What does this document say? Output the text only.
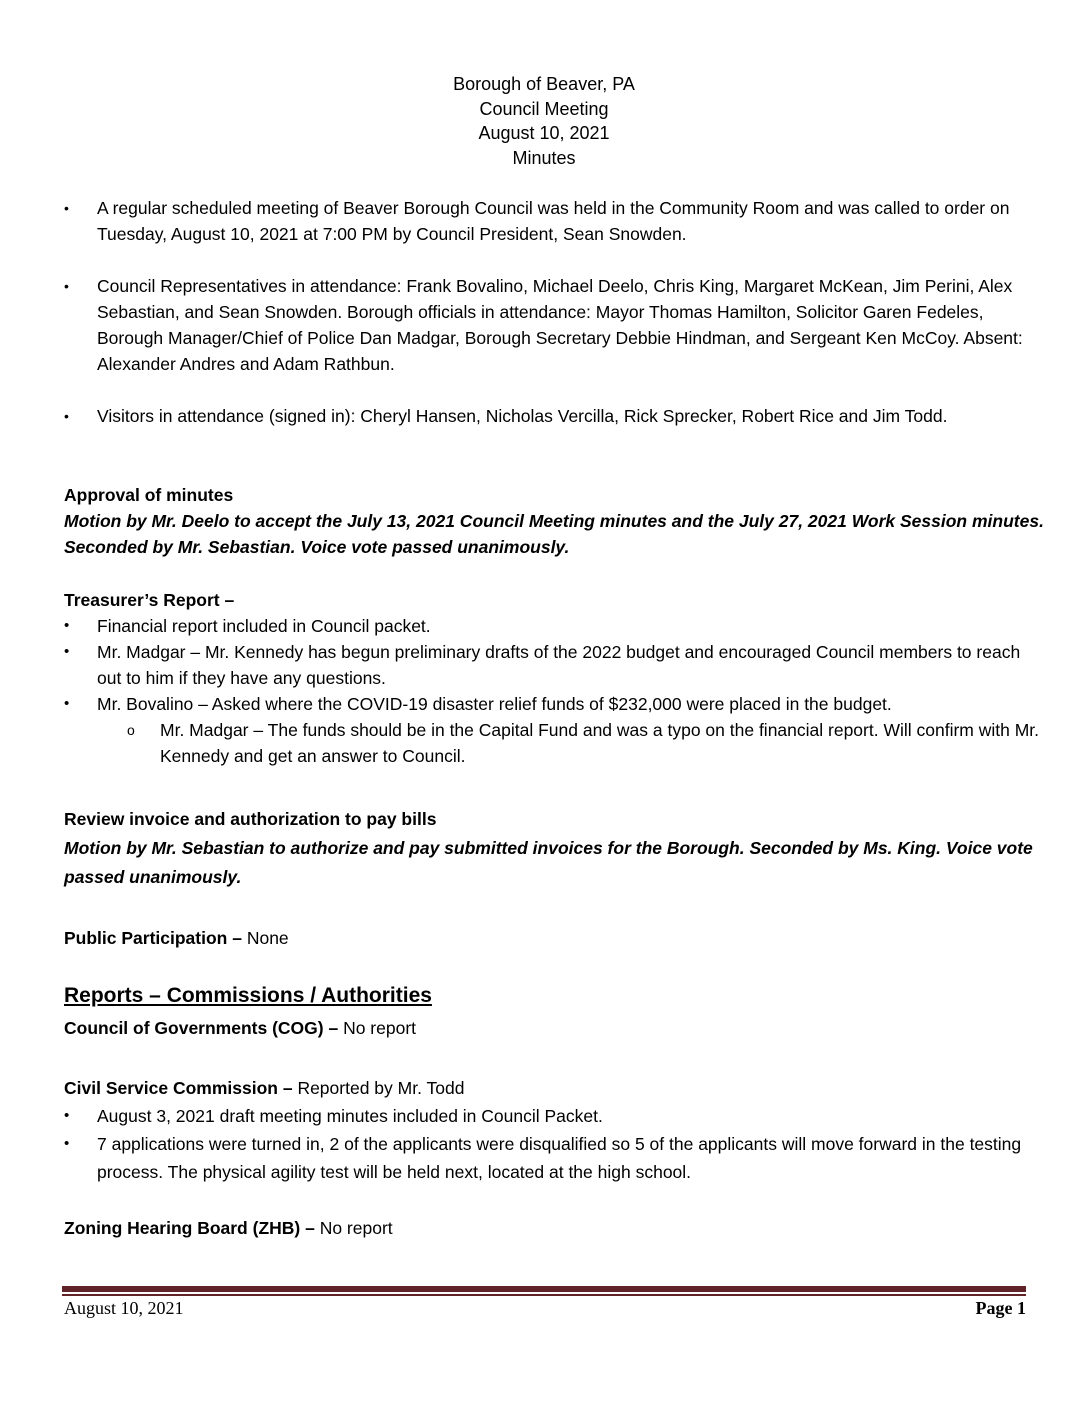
Borough of Beaver, PA
Council Meeting
August 10, 2021
Minutes
• A regular scheduled meeting of Beaver Borough Council was held in the Community Room and was called to order on Tuesday, August 10, 2021 at 7:00 PM by Council President, Sean Snowden.
• Council Representatives in attendance: Frank Bovalino, Michael Deelo, Chris King, Margaret McKean, Jim Perini, Alex Sebastian, and Sean Snowden. Borough officials in attendance: Mayor Thomas Hamilton, Solicitor Garen Fedeles, Borough Manager/Chief of Police Dan Madgar, Borough Secretary Debbie Hindman, and Sergeant Ken McCoy. Absent: Alexander Andres and Adam Rathbun.
• Visitors in attendance (signed in): Cheryl Hansen, Nicholas Vercilla, Rick Sprecker, Robert Rice and Jim Todd.
Approval of minutes
Motion by Mr. Deelo to accept the July 13, 2021 Council Meeting minutes and the July 27, 2021 Work Session minutes. Seconded by Mr. Sebastian. Voice vote passed unanimously.
Treasurer’s Report –
• Financial report included in Council packet.
• Mr. Madgar – Mr. Kennedy has begun preliminary drafts of the 2022 budget and encouraged Council members to reach out to him if they have any questions.
• Mr. Bovalino – Asked where the COVID-19 disaster relief funds of $232,000 were placed in the budget.
o Mr. Madgar – The funds should be in the Capital Fund and was a typo on the financial report. Will confirm with Mr. Kennedy and get an answer to Council.
Review invoice and authorization to pay bills
Motion by Mr. Sebastian to authorize and pay submitted invoices for the Borough. Seconded by Ms. King. Voice vote passed unanimously.
Public Participation – None
Reports – Commissions / Authorities
Council of Governments (COG) – No report
Civil Service Commission – Reported by Mr. Todd
• August 3, 2021 draft meeting minutes included in Council Packet.
• 7 applications were turned in, 2 of the applicants were disqualified so 5 of the applicants will move forward in the testing process. The physical agility test will be held next, located at the high school.
Zoning Hearing Board (ZHB) – No report
August 10, 2021	Page 1
